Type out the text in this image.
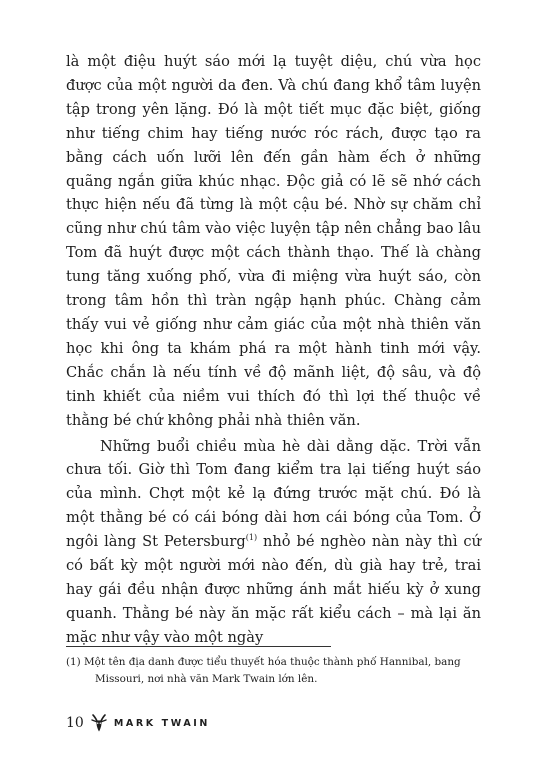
là một điệu huýt sáo mới lạ tuyệt diệu, chú vừa học được của một người da đen. Và chú đang khổ tâm luyện tập trong yên lặng. Đó là một tiết mục đặc biệt, giống như tiếng chim hay tiếng nước róc rách, được tạo ra bằng cách uốn lưỡi lên đến gần hàm ếch ở những quãng ngắn giữa khúc nhạc. Độc giả có lẽ sẽ nhớ cách thực hiện nếu đã từng là một cậu bé. Nhờ sự chăm chỉ cũng như chú tâm vào việc luyện tập nên chẳng bao lâu Tom đã huýt được một cách thành thạo. Thế là chàng tung tăng xuống phố, vừa đi miệng vừa huýt sáo, còn trong tâm hồn thì tràn ngập hạnh phúc. Chàng cảm thấy vui vẻ giống như cảm giác của một nhà thiên văn học khi ông ta khám phá ra một hành tinh mới vậy. Chắc chắn là nếu tính về độ mãnh liệt, độ sâu, và độ tinh khiết của niềm vui thích đó thì lợi thế thuộc về thằng bé chứ không phải nhà thiên văn.

Những buổi chiều mùa hè dài dằng dặc. Trời vẫn chưa tối. Giờ thì Tom đang kiểm tra lại tiếng huýt sáo của mình. Chợt một kẻ lạ đứng trước mặt chú. Đó là một thằng bé có cái bóng dài hơn cái bóng của Tom. Ở ngôi làng St Petersburg$^{(1)}$ nhỏ bé nghèo nàn này thì cứ có bất kỳ một người mới nào đến, dù già hay trẻ, trai hay gái đều nhận được những ánh mắt hiếu kỳ ở xung quanh. Thằng bé này ăn mặc rất kiểu cách – mà lại ăn mặc như vậy vào một ngày

(1) Một tên địa danh được tiểu thuyết hóa thuộc thành phố Hannibal, bang Missouri, nơi nhà văn Mark Twain lớn lên.
10	MARK TWAIN
